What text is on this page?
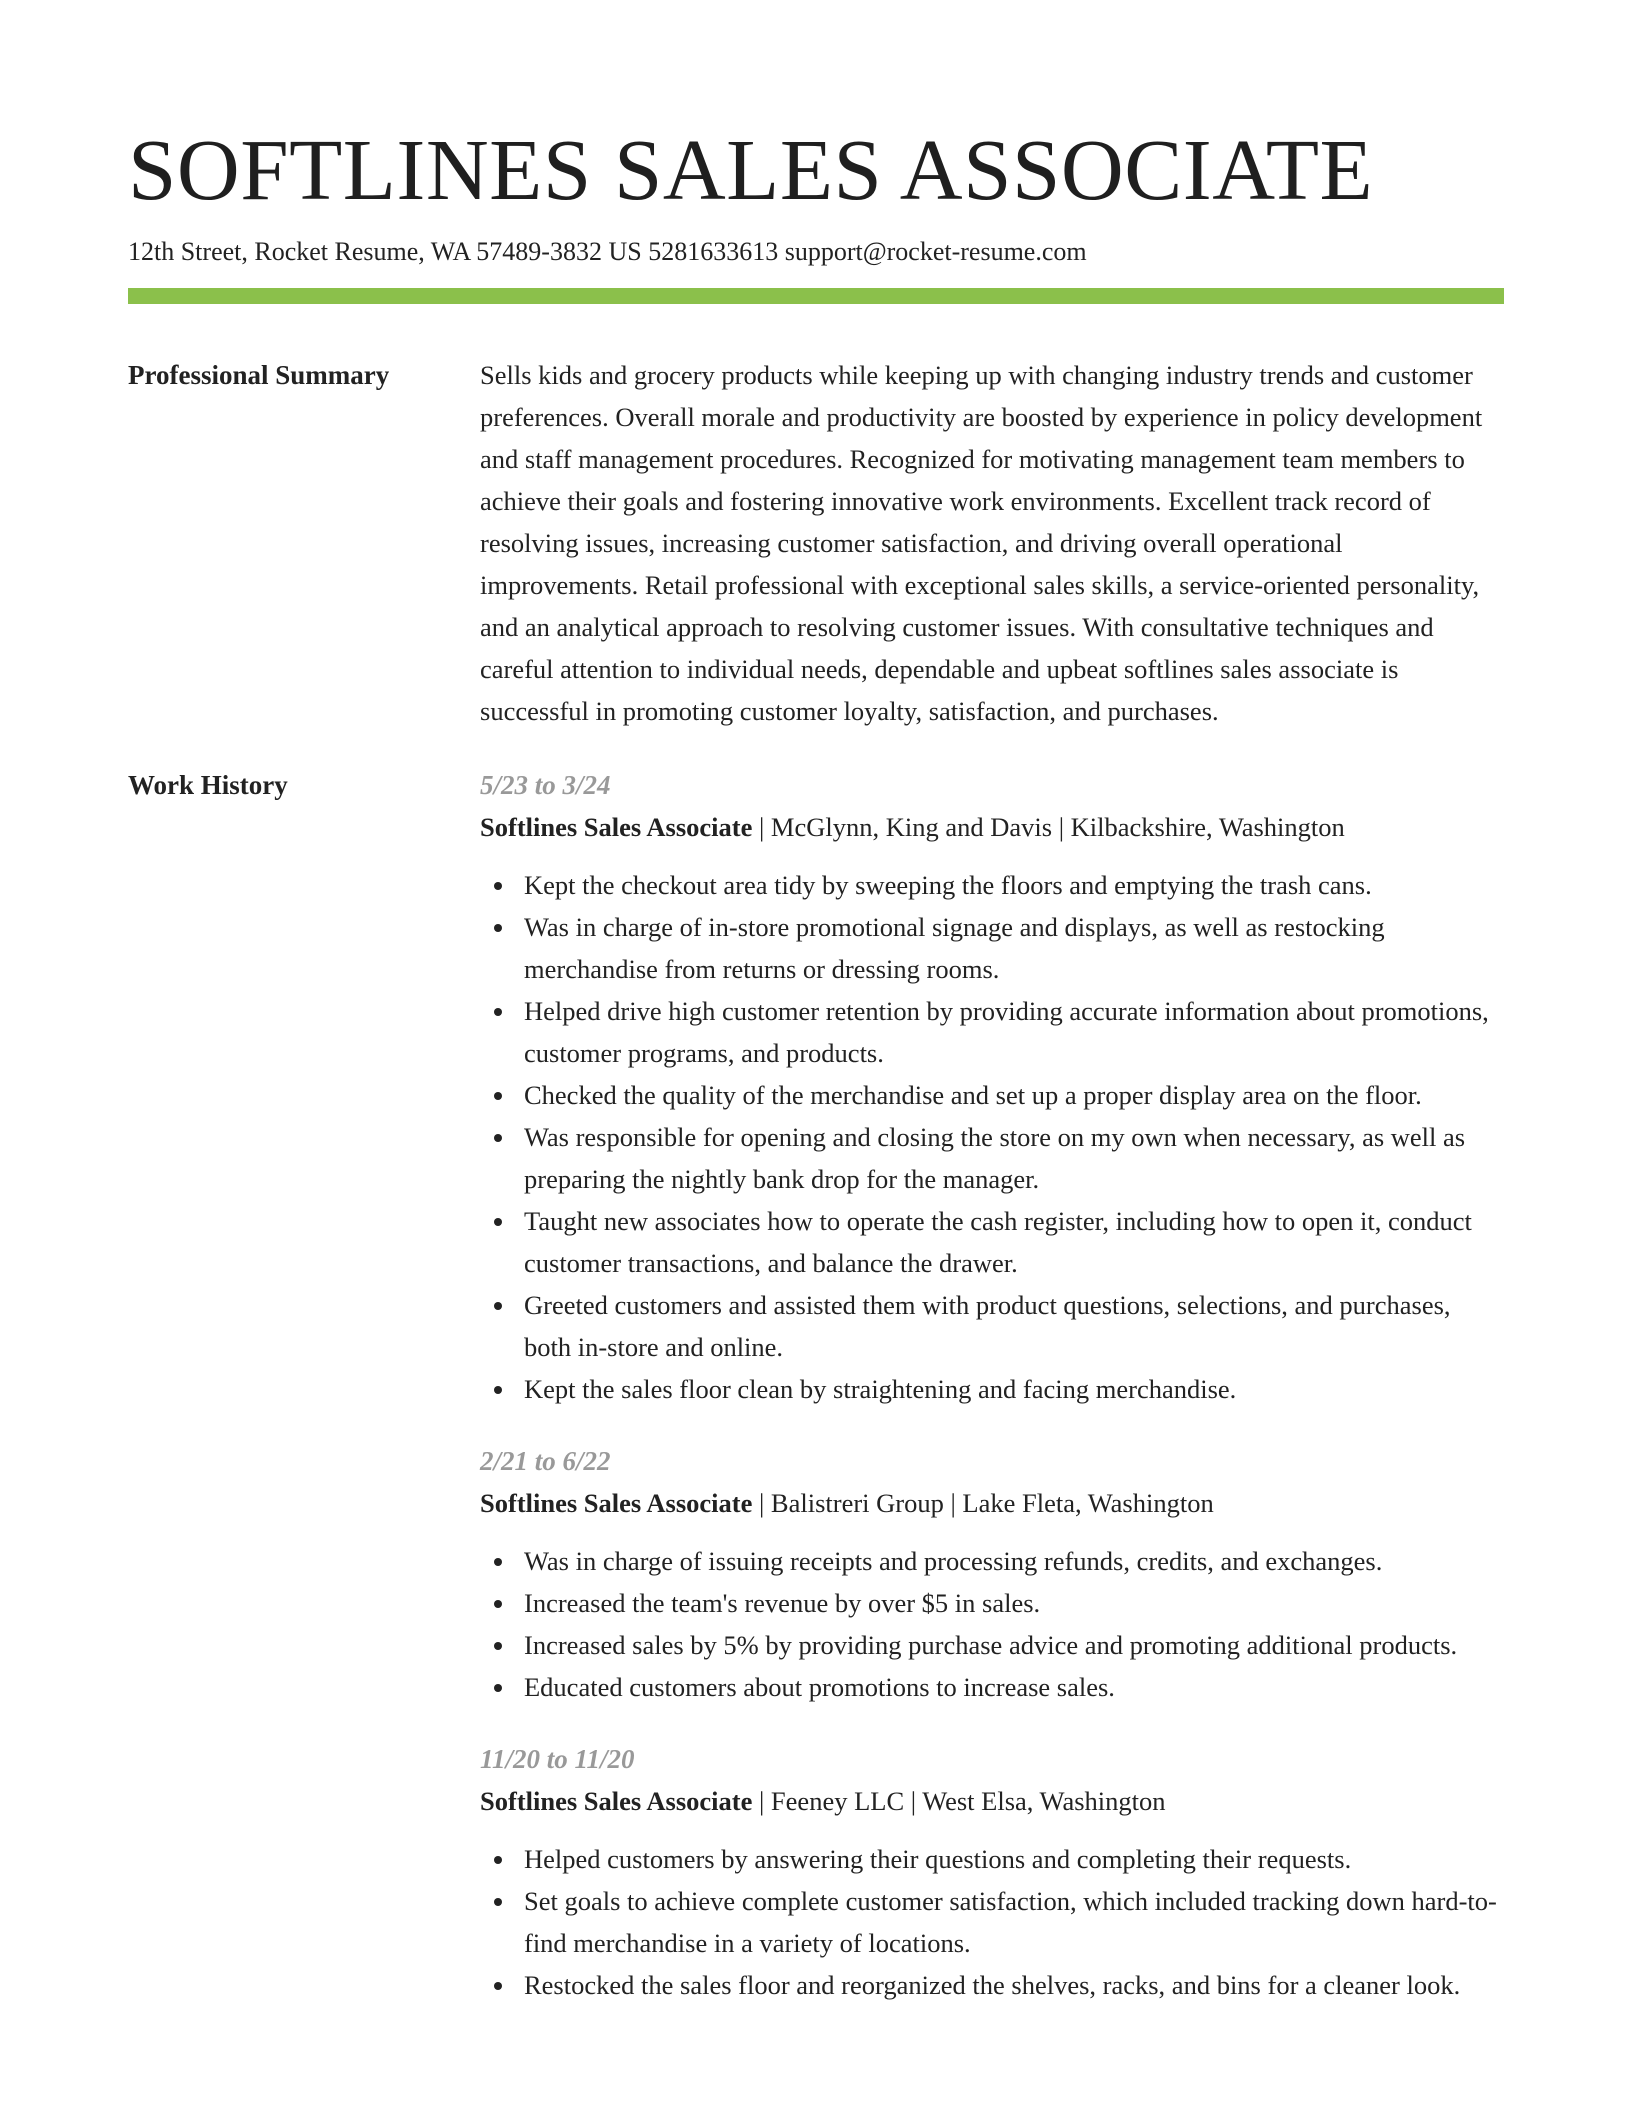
SOFTLINES SALES ASSOCIATE
12th Street, Rocket Resume, WA 57489-3832 US 5281633613 support@rocket-resume.com
Professional Summary	Sells kids and grocery products while keeping up with changing industry trends and customer preferences. Overall morale and productivity are boosted by experience in policy development and staff management procedures. Recognized for motivating management team members to achieve their goals and fostering innovative work environments. Excellent track record of resolving issues, increasing customer satisfaction, and driving overall operational improvements. Retail professional with exceptional sales skills, a service-oriented personality, and an analytical approach to resolving customer issues. With consultative techniques and careful attention to individual needs, dependable and upbeat softlines sales associate is successful in promoting customer loyalty, satisfaction, and purchases.
Work History	5/23 to 3/24
Softlines Sales Associate | McGlynn, King and Davis | Kilbackshire, Washington
Kept the checkout area tidy by sweeping the floors and emptying the trash cans.
Was in charge of in-store promotional signage and displays, as well as restocking merchandise from returns or dressing rooms.
Helped drive high customer retention by providing accurate information about promotions, customer programs, and products.
Checked the quality of the merchandise and set up a proper display area on the floor.
Was responsible for opening and closing the store on my own when necessary, as well as preparing the nightly bank drop for the manager.
Taught new associates how to operate the cash register, including how to open it, conduct customer transactions, and balance the drawer.
Greeted customers and assisted them with product questions, selections, and purchases, both in-store and online.
Kept the sales floor clean by straightening and facing merchandise.
2/21 to 6/22
Softlines Sales Associate | Balistreri Group | Lake Fleta, Washington
Was in charge of issuing receipts and processing refunds, credits, and exchanges.
Increased the team's revenue by over $5 in sales.
Increased sales by 5% by providing purchase advice and promoting additional products.
Educated customers about promotions to increase sales.
11/20 to 11/20
Softlines Sales Associate | Feeney LLC | West Elsa, Washington
Helped customers by answering their questions and completing their requests.
Set goals to achieve complete customer satisfaction, which included tracking down hard-to-find merchandise in a variety of locations.
Restocked the sales floor and reorganized the shelves, racks, and bins for a cleaner look.
